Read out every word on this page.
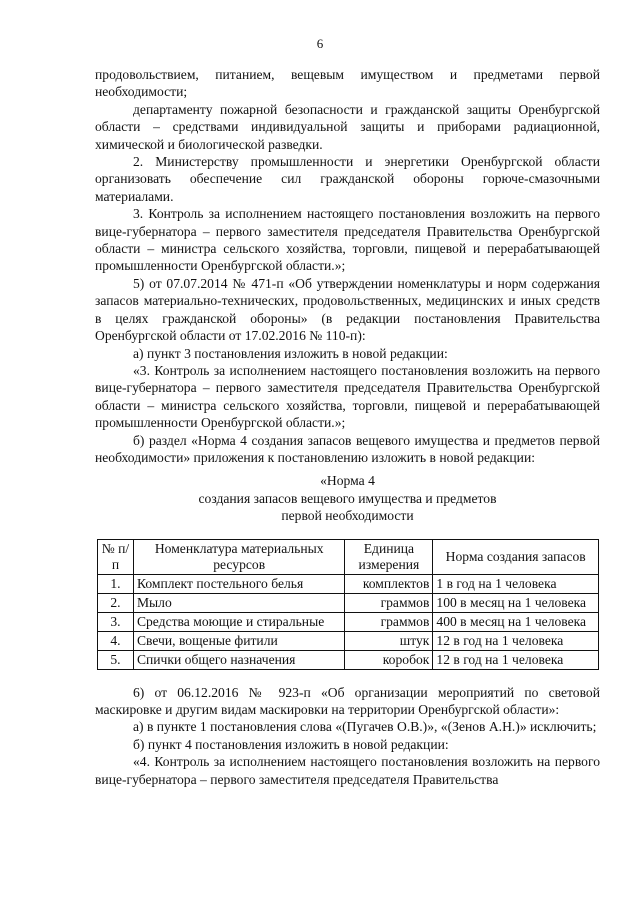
6

продовольствием, питанием, вещевым имуществом и предметами первой необходимости;

департаменту пожарной безопасности и гражданской защиты Оренбургской области – средствами индивидуальной защиты и приборами радиационной, химической и биологической разведки.

2. Министерству промышленности и энергетики Оренбургской области организовать обеспечение сил гражданской обороны горюче-смазочными материалами.

3. Контроль за исполнением настоящего постановления возложить на первого вице-губернатора – первого заместителя председателя Правительства Оренбургской области – министра сельского хозяйства, торговли, пищевой и перерабатывающей промышленности Оренбургской области.»;

5) от 07.07.2014 № 471-п «Об утверждении номенклатуры и норм содержания запасов материально-технических, продовольственных, медицинских и иных средств в целях гражданской обороны» (в редакции постановления Правительства Оренбургской области от 17.02.2016 № 110-п):

а) пункт 3 постановления изложить в новой редакции:

«3. Контроль за исполнением настоящего постановления возложить на первого вице-губернатора – первого заместителя председателя Правительства Оренбургской области – министра сельского хозяйства, торговли, пищевой и перерабатывающей промышленности Оренбургской области.»;

б) раздел «Норма 4 создания запасов вещевого имущества и предметов первой необходимости» приложения к постановлению изложить в новой редакции:

«Норма 4

создания запасов вещевого имущества и предметов

первой необходимости

№ п/п	Номенклатура материальных ресурсов	Единица измерения	Норма создания запасов
1.	Комплект постельного белья	комплектов	1 в год на 1 человека
2.	Мыло	граммов	100 в месяц на 1 человека
3.	Средства моющие и стиральные	граммов	400 в месяц на 1 человека
4.	Свечи, вощеные фитили	штук	12 в год на 1 человека
5.	Спички общего назначения	коробок	12 в год на 1 человека

6) от 06.12.2016 № 923-п «Об организации мероприятий по световой маскировке и другим видам маскировки на территории Оренбургской области»:

а) в пункте 1 постановления слова «(Пугачев О.В.)», «(Зенов А.Н.)» исключить;

б) пункт 4 постановления изложить в новой редакции:

«4. Контроль за исполнением настоящего постановления возложить на первого вице-губернатора – первого заместителя председателя Правительства
